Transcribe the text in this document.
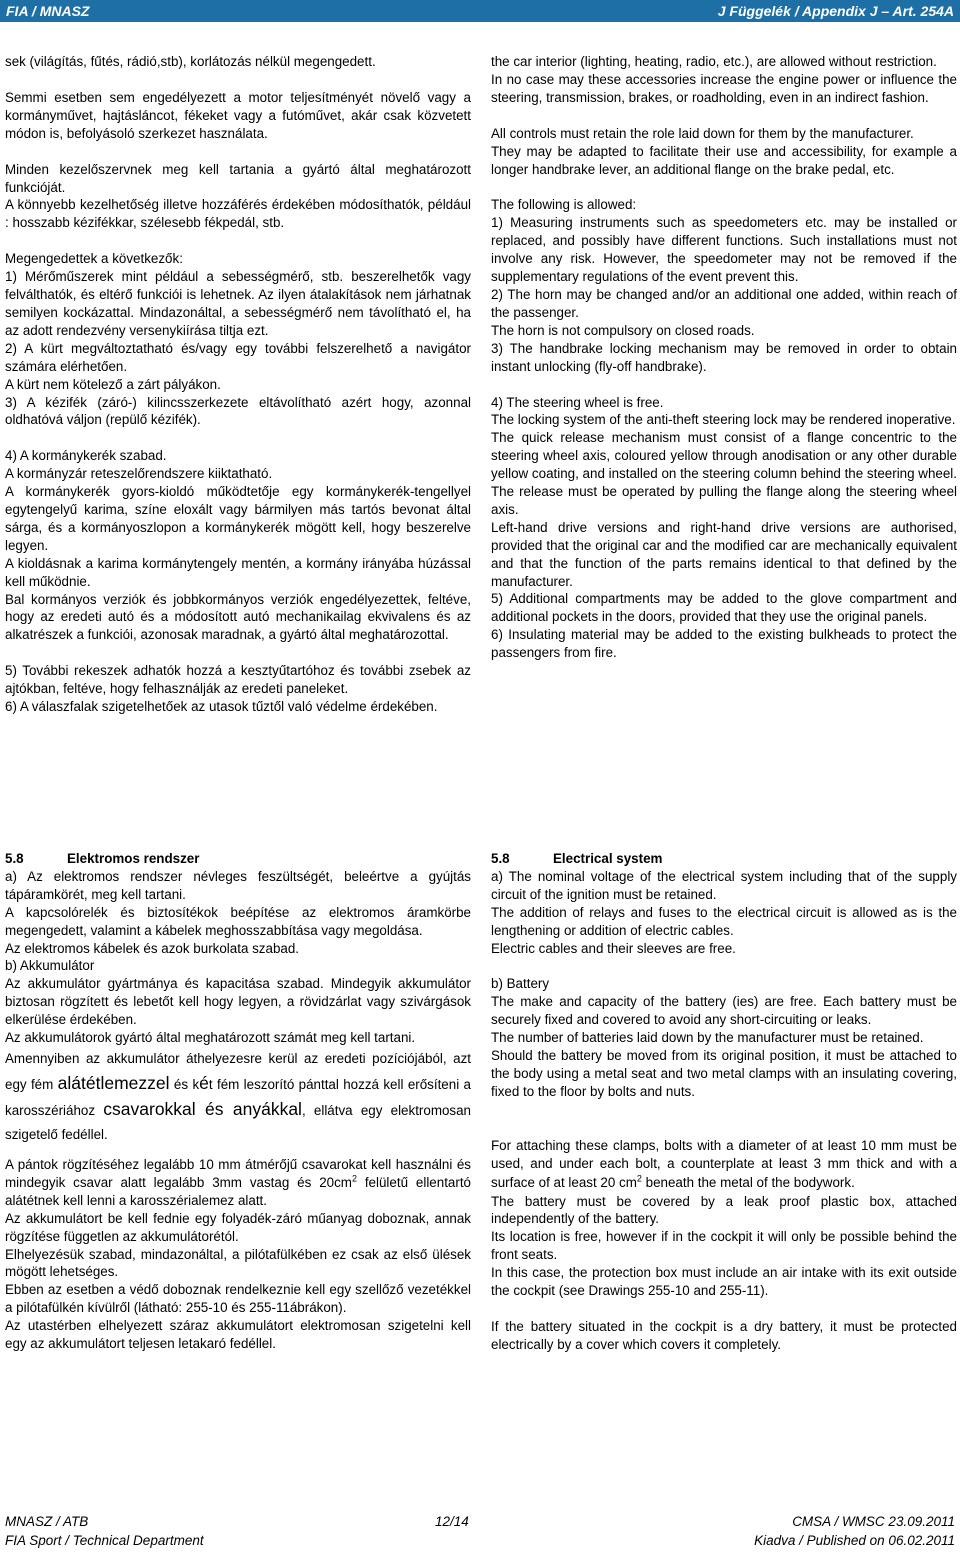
FIA / MNASZ	J Függelék / Appendix J – Art. 254A

sek (világítás, fűtés, rádió,stb), korlátozás nélkül megengedett.

Semmi esetben sem engedélyezett a motor teljesítményét növelő vagy a kormányművet, hajtásláncot, fékeket vagy a futóművet, akár csak közvetett módon is, befolyásoló szerkezet használata.

Minden kezelőszervnek meg kell tartania a gyártó által meghatározott funkcióját.

A könnyebb kezelhetőség illetve hozzáférés érdekében módosíthatók, például : hosszabb kézifékkar, szélesebb fékpedál, stb.

Megengedettek a következők:

1) Mérőműszerek mint például a sebességmérő, stb. beszerelhetők vagy felválthatók, és eltérő funkciói is lehetnek. Az ilyen átalakítások nem járhatnak semilyen kockázattal. Mindazonáltal, a sebességmérő nem távolítható el, ha az adott rendezvény versenykiírása tiltja ezt.

2) A kürt megváltoztatható és/vagy egy további felszerelhető a navigátor számára elérhetően.

A kürt nem kötelező a zárt pályákon.

3) A kézifék (záró-) kilincsszerkezete eltávolítható azért hogy, azonnal oldhatóvá váljon (repülő kézifék).

4) A kormánykerék szabad.

A kormányzár reteszelőrendszere kiiktatható.

A kormánykerék gyors-kioldó működtetője egy kormánykerék-tengellyel egytengelyű karima, színe eloxált vagy bármilyen más tartós bevonat által sárga, és a kormányoszlopon a kormánykerék mögött kell, hogy beszerelve legyen.

A kioldásnak a karima kormánytengely mentén, a kormány irányába húzással kell működnie.

Bal kormányos verziók és jobbkormányos verziók engedélyezettek, feltéve, hogy az eredeti autó és a módosított autó mechanikailag ekvivalens és az alkatrészek a funkciói, azonosak maradnak, a gyártó által meghatározottal.

5) További rekeszek adhatók hozzá a kesztyűtartóhoz és további zsebek az ajtókban, feltéve, hogy felhasználják az eredeti paneleket.

6) A válaszfalak szigetelhetőek az utasok tűztől való védelme érdekében.

5.8	Elektromos rendszer

a) Az elektromos rendszer névleges feszültségét, beleértve a gyújtás tápáramkörét, meg kell tartani.

A kapcsolórelék és biztosítékok beépítése az elektromos áramkörbe megengedett, valamint a kábelek meghosszabbítása vagy megoldása.

Az elektromos kábelek és azok burkolata szabad.

b) Akkumulátor

Az akkumulátor gyártmánya és kapacitása szabad. Mindegyik akkumulátor biztosan rögzített és lebetőt kell hogy legyen, a rövidzárlat vagy szivárgások elkerülése érdekében.

Az akkumulátorok gyártó által meghatározott számát meg kell tartani.

Amennyiben az akkumulátor áthelyezesre kerül az eredeti pozíciójából, azt egy fém alátétlemezzel és két fém leszorító pánttal hozzá kell erősíteni a karosszériához csavarokkal és anyákkal, ellátva egy elektromosan szigetelő fedéllel.

A pántok rögzítéséhez legalább 10 mm átmérőjű csavarokat kell használni és mindegyik csavar alatt legalább 3mm vastag és $20cm^2$ felületű ellentartó alátétnek kell lenni a karosszérialemez alatt.

Az akkumulátort be kell fednie egy folyadék-záró műanyag doboznak, annak rögzítése független az akkumulátorétól.

Elhelyezésük szabad, mindazonáltal, a pilótafülkében ez csak az első ülések mögött lehetséges.

Ebben az esetben a védő doboznak rendelkeznie kell egy szellőző vezetékkel a pilótafülkén kívülről (látható: 255-10 és 255-11ábrákon).

Az utastérben elhelyezett száraz akkumulátort elektromosan szigetelni kell egy az akkumulátort teljesen letakaró fedéllel.

the car interior (lighting, heating, radio, etc.), are allowed without restriction.

In no case may these accessories increase the engine power or influence the steering, transmission, brakes, or roadholding, even in an indirect fashion.

All controls must retain the role laid down for them by the manufacturer.

They may be adapted to facilitate their use and accessibility, for example a longer handbrake lever, an additional flange on the brake pedal, etc.

The following is allowed:

1) Measuring instruments such as speedometers etc. may be installed or replaced, and possibly have different functions. Such installations must not involve any risk. However, the speedometer may not be removed if the supplementary regulations of the event prevent this.

2) The horn may be changed and/or an additional one added, within reach of the passenger.

The horn is not compulsory on closed roads.

3) The handbrake locking mechanism may be removed in order to obtain instant unlocking (fly-off handbrake).

4) The steering wheel is free.

The locking system of the anti-theft steering lock may be rendered inoperative.

The quick release mechanism must consist of a flange concentric to the steering wheel axis, coloured yellow through anodisation or any other durable yellow coating, and installed on the steering column behind the steering wheel.

The release must be operated by pulling the flange along the steering wheel axis.

Left-hand drive versions and right-hand drive versions are authorised, provided that the original car and the modified car are mechanically equivalent and that the function of the parts remains identical to that defined by the manufacturer.

5) Additional compartments may be added to the glove compartment and additional pockets in the doors, provided that they use the original panels.

6) Insulating material may be added to the existing bulkheads to protect the passengers from fire.

5.8	Electrical system

a) The nominal voltage of the electrical system including that of the supply circuit of the ignition must be retained.

The addition of relays and fuses to the electrical circuit is allowed as is the lengthening or addition of electric cables.

Electric cables and their sleeves are free.

b) Battery

The make and capacity of the battery (ies) are free. Each battery must be securely fixed and covered to avoid any short-circuiting or leaks.

The number of batteries laid down by the manufacturer must be retained.

Should the battery be moved from its original position, it must be attached to the body using a metal seat and two metal clamps with an insulating covering, fixed to the floor by bolts and nuts.

For attaching these clamps, bolts with a diameter of at least 10 mm must be used, and under each bolt, a counterplate at least 3 mm thick and with a surface of at least 20 $cm^2$ beneath the metal of the bodywork.

The battery must be covered by a leak proof plastic box, attached independently of the battery.

Its location is free, however if in the cockpit it will only be possible behind the front seats.

In this case, the protection box must include an air intake with its exit outside the cockpit (see Drawings 255-10 and 255-11).

If the battery situated in the cockpit is a dry battery, it must be protected electrically by a cover which covers it completely.

MNASZ / ATB	12/14	CMSA / WMSC 23.09.2011
FIA Sport / Technical Department	Kiadva / Published on 06.02.2011
